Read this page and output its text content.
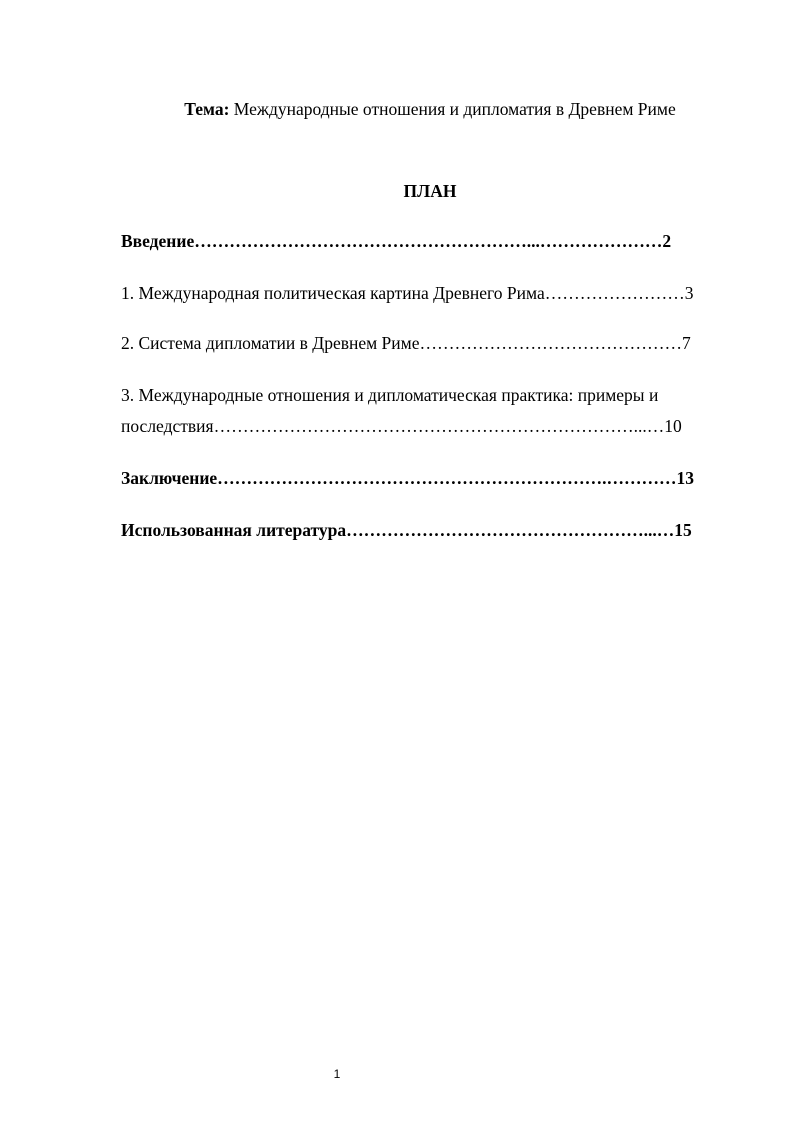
Тема: Международные отношения и дипломатия в Древнем Риме
ПЛАН
Введение…………………………………………………...…………………2
1. Международная политическая картина Древнего Рима……………………3
2. Система дипломатии в Древнем Риме………………………………………7
3. Международные отношения и дипломатическая практика: примеры и
последствия………………………………………………………………...…10
Заключение………………………………………………………….…………13
Использованная литература……………………………………………...…15
1
